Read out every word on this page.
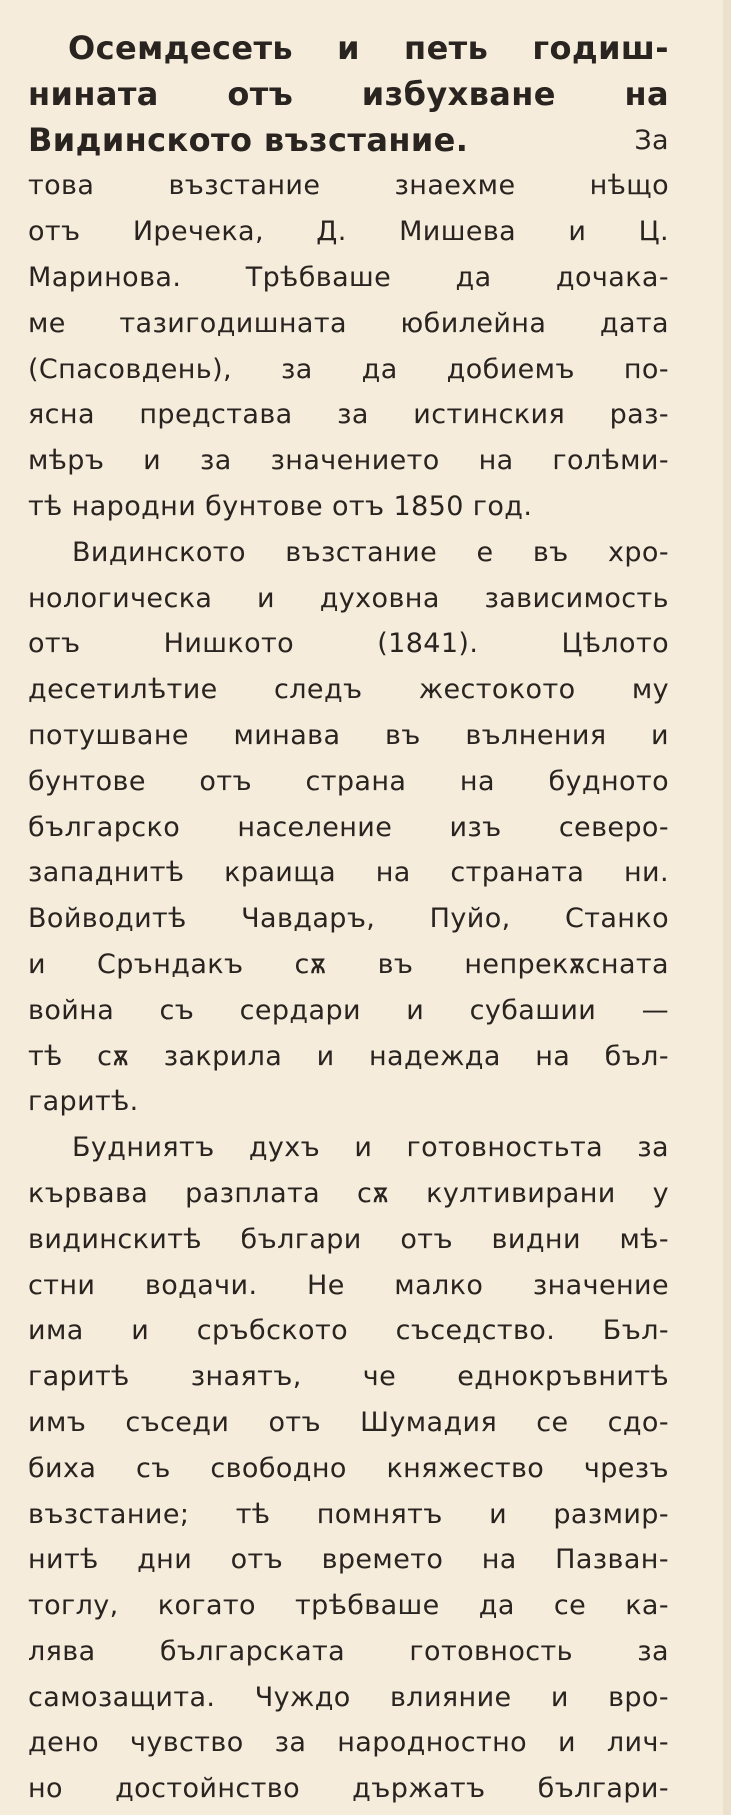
Осемдесеть и петь годиш-
нината отъ избухване на
Видинското възстание.	За
това възстание знаехме нѣщо
отъ Иречека, Д. Мишева и Ц.
Маринова. Трѣбваше да дочака-
ме тазигодишната юбилейна дата
(Спасовдень), за да добиемъ по-
ясна представа за истинския раз-
мѣръ и за значението на голѣми-
тѣ народни бунтове отъ 1850 год.
Видинското възстание е въ хро-
нологическа и духовна зависимость
отъ Нишкото (1841). Цѣлото
десетилѣтие следъ жестокото му
потушване минава въ вълнения и
бунтове отъ страна на будното
българско население изъ северо-
западнитѣ краища на страната ни.
Войводитѣ Чавдаръ, Пуйо, Станко
и Сръндакъ сѫ въ непрекѫсната
война съ сердари и субашии —
тѣ сѫ закрила и надежда на бъл-
гаритѣ.
Будниятъ духъ и готовностьта за
кървава разплата сѫ култивирани у
видинскитѣ българи отъ видни мѣ-
стни водачи. Не малко значение
има и сръбското съседство. Бъл-
гаритѣ знаятъ, че еднокръвнитѣ
имъ съседи отъ Шумадия се сдо-
биха съ свободно княжество чрезъ
възстание; тѣ помнятъ и размир-
нитѣ дни отъ времето на Пазван-
тоглу, когато трѣбваше да се ка-
лява българската готовность за
самозащита. Чуждо влияние и вро-
дено чувство за народностно и лич-
но достойнство държатъ българи-
